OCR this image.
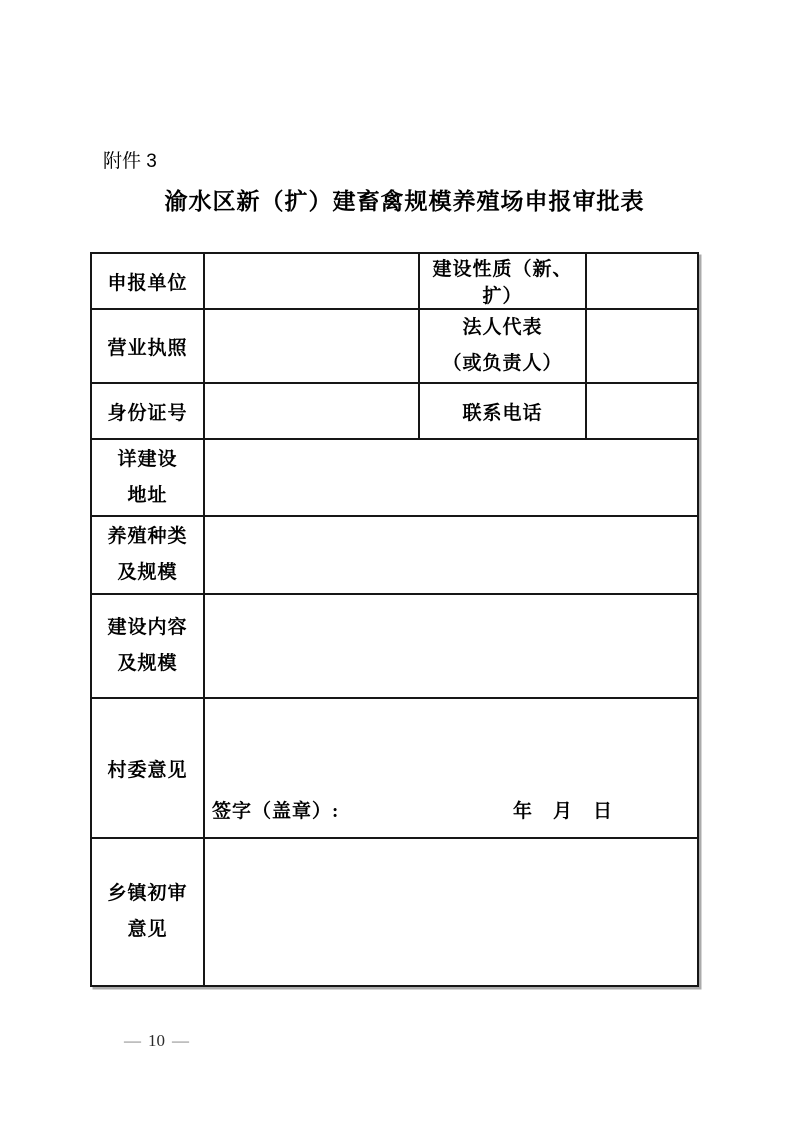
附件 3
渝水区新（扩）建畜禽规模养殖场申报审批表
申报单位		建设性质（新、扩）	
营业执照		法人代表
（或负责人）	

身份证号		联系电话	

详建设
地址			

养殖种类
及规模			

建设内容
及规模			

村委意见	签字（盖章）: 年　月　日		

乡镇初审
意见			

— 10 —
